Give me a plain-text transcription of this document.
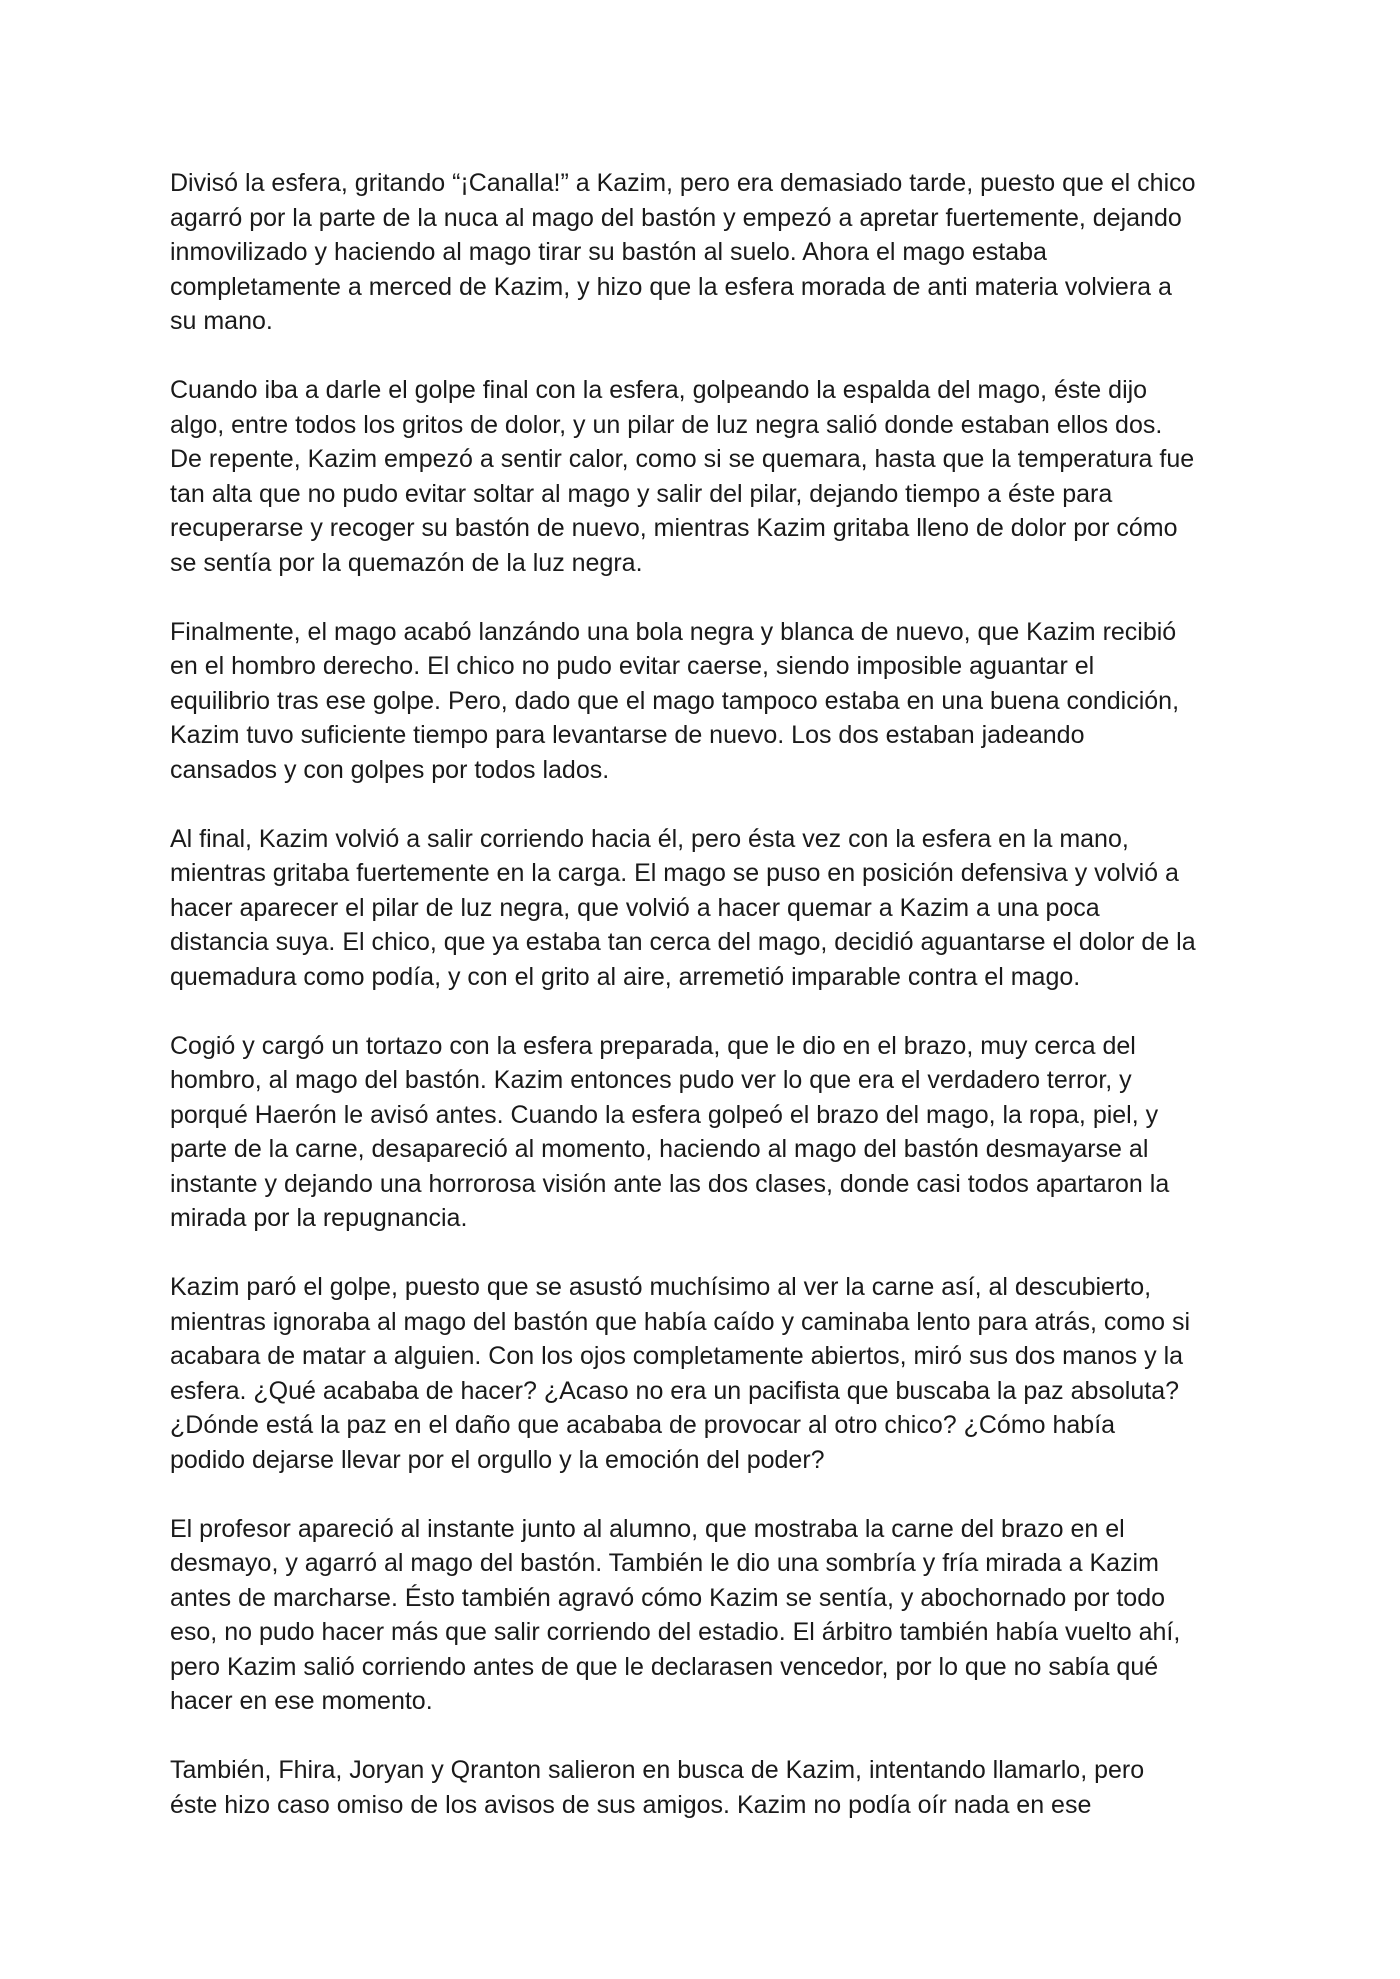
Divisó la esfera, gritando “¡Canalla!” a Kazim, pero era demasiado tarde, puesto que el chico
agarró por la parte de la nuca al mago del bastón y empezó a apretar fuertemente, dejando
inmovilizado y haciendo al mago tirar su bastón al suelo. Ahora el mago estaba
completamente a merced de Kazim, y hizo que la esfera morada de anti materia volviera a
su mano.

Cuando iba a darle el golpe final con la esfera, golpeando la espalda del mago, éste dijo
algo, entre todos los gritos de dolor, y un pilar de luz negra salió donde estaban ellos dos.
De repente, Kazim empezó a sentir calor, como si se quemara, hasta que la temperatura fue
tan alta que no pudo evitar soltar al mago y salir del pilar, dejando tiempo a éste para
recuperarse y recoger su bastón de nuevo, mientras Kazim gritaba lleno de dolor por cómo
se sentía por la quemazón de la luz negra.

Finalmente, el mago acabó lanzándo una bola negra y blanca de nuevo, que Kazim recibió
en el hombro derecho. El chico no pudo evitar caerse, siendo imposible aguantar el
equilibrio tras ese golpe. Pero, dado que el mago tampoco estaba en una buena condición,
Kazim tuvo suficiente tiempo para levantarse de nuevo. Los dos estaban jadeando
cansados y con golpes por todos lados.

Al final, Kazim volvió a salir corriendo hacia él, pero ésta vez con la esfera en la mano,
mientras gritaba fuertemente en la carga. El mago se puso en posición defensiva y volvió a
hacer aparecer el pilar de luz negra, que volvió a hacer quemar a Kazim a una poca
distancia suya. El chico, que ya estaba tan cerca del mago, decidió aguantarse el dolor de la
quemadura como podía, y con el grito al aire, arremetió imparable contra el mago.

Cogió y cargó un tortazo con la esfera preparada, que le dio en el brazo, muy cerca del
hombro, al mago del bastón. Kazim entonces pudo ver lo que era el verdadero terror, y
porqué Haerón le avisó antes. Cuando la esfera golpeó el brazo del mago, la ropa, piel, y
parte de la carne, desapareció al momento, haciendo al mago del bastón desmayarse al
instante y dejando una horrorosa visión ante las dos clases, donde casi todos apartaron la
mirada por la repugnancia.

Kazim paró el golpe, puesto que se asustó muchísimo al ver la carne así, al descubierto,
mientras ignoraba al mago del bastón que había caído y caminaba lento para atrás, como si
acabara de matar a alguien. Con los ojos completamente abiertos, miró sus dos manos y la
esfera. ¿Qué acababa de hacer? ¿Acaso no era un pacifista que buscaba la paz absoluta?
¿Dónde está la paz en el daño que acababa de provocar al otro chico? ¿Cómo había
podido dejarse llevar por el orgullo y la emoción del poder?

El profesor apareció al instante junto al alumno, que mostraba la carne del brazo en el
desmayo, y agarró al mago del bastón. También le dio una sombría y fría mirada a Kazim
antes de marcharse. Ésto también agravó cómo Kazim se sentía, y abochornado por todo
eso, no pudo hacer más que salir corriendo del estadio. El árbitro también había vuelto ahí,
pero Kazim salió corriendo antes de que le declarasen vencedor, por lo que no sabía qué
hacer en ese momento.

También, Fhira, Joryan y Qranton salieron en busca de Kazim, intentando llamarlo, pero
éste hizo caso omiso de los avisos de sus amigos. Kazim no podía oír nada en ese
